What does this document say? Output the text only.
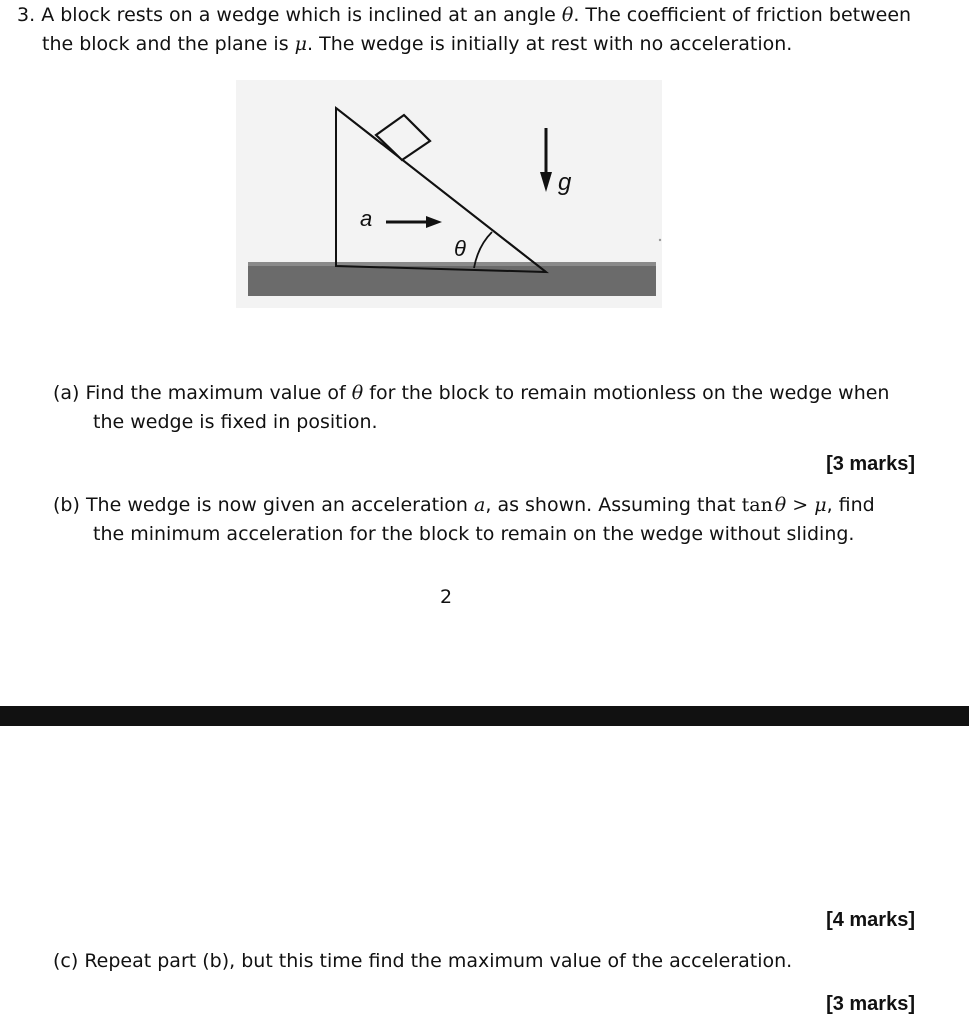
3. A block rests on a wedge which is inclined at an angle θ. The coefficient of friction between
the block and the plane is μ. The wedge is initially at rest with no acceleration.
a
θ
g
(a) Find the maximum value of θ for the block to remain motionless on the wedge when
the wedge is fixed in position.
[3 marks]
(b) The wedge is now given an acceleration a, as shown. Assuming that tan  θ > μ, find
the minimum acceleration for the block to remain on the wedge without sliding.
2
[4 marks]
(c) Repeat part (b), but this time find the maximum value of the acceleration.
[3 marks]
